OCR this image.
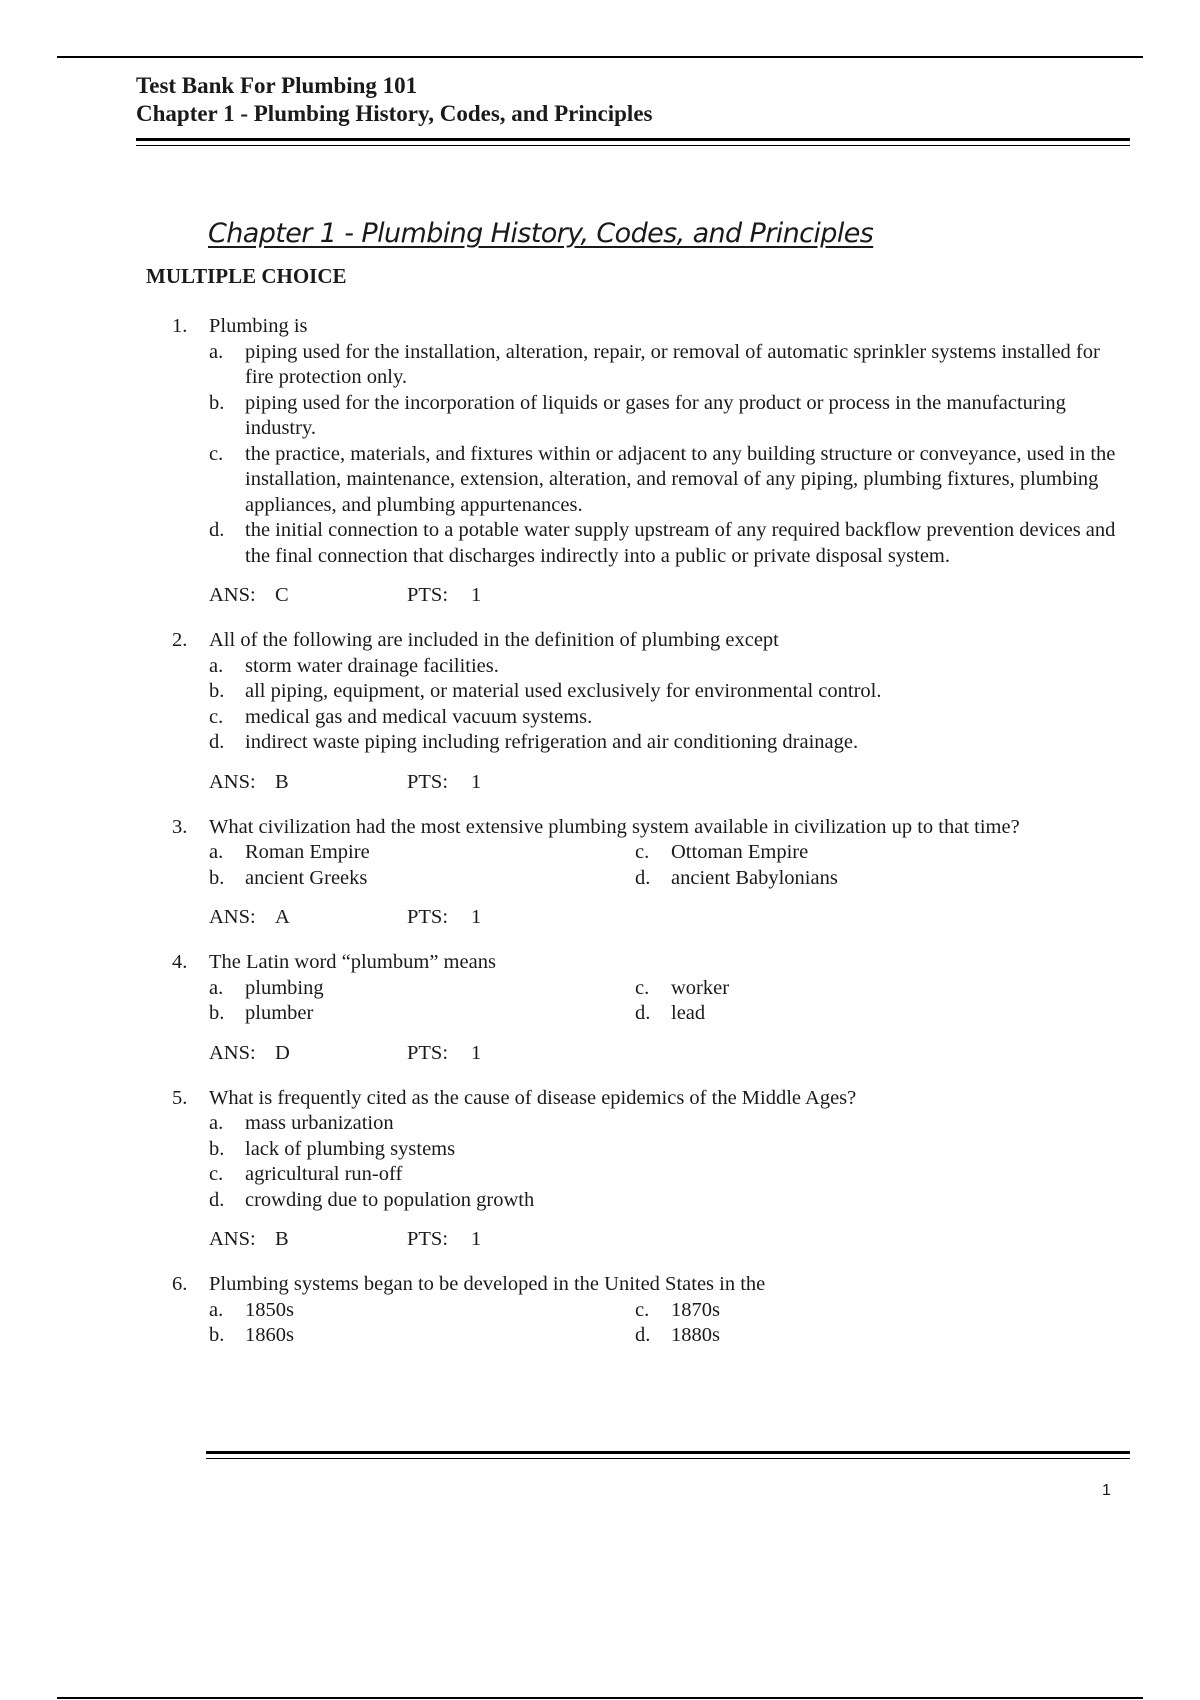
Test Bank For Plumbing 101
Chapter 1 - Plumbing History, Codes, and Principles
Chapter 1 - Plumbing History, Codes, and Principles
MULTIPLE CHOICE
1.	Plumbing is
a.	piping used for the installation, alteration, repair, or removal of automatic sprinkler systems installed for fire protection only.
b.	piping used for the incorporation of liquids or gases for any product or process in the manufacturing industry.
c.	the practice, materials, and fixtures within or adjacent to any building structure or conveyance, used in the installation, maintenance, extension, alteration, and removal of any piping, plumbing fixtures, plumbing appliances, and plumbing appurtenances.
d.	the initial connection to a potable water supply upstream of any required backflow prevention devices and the final connection that discharges indirectly into a public or private disposal system.
ANS: C	PTS: 1
2.	All of the following are included in the definition of plumbing except
a.	storm water drainage facilities.
b.	all piping, equipment, or material used exclusively for environmental control.
c.	medical gas and medical vacuum systems.
d.	indirect waste piping including refrigeration and air conditioning drainage.
ANS: B	PTS: 1
3.	What civilization had the most extensive plumbing system available in civilization up to that time?
a.	Roman Empire	c.	Ottoman Empire
b.	ancient Greeks	d.	ancient Babylonians
ANS: A	PTS: 1
4.	The Latin word “plumbum” means
a.	plumbing	c.	worker
b.	plumber	d.	lead
ANS: D	PTS: 1
5.	What is frequently cited as the cause of disease epidemics of the Middle Ages?
a.	mass urbanization
b.	lack of plumbing systems
c.	agricultural run-off
d.	crowding due to population growth
ANS: B	PTS: 1
6.	Plumbing systems began to be developed in the United States in the
a.	1850s	c.	1870s
b.	1860s	d.	1880s
1
